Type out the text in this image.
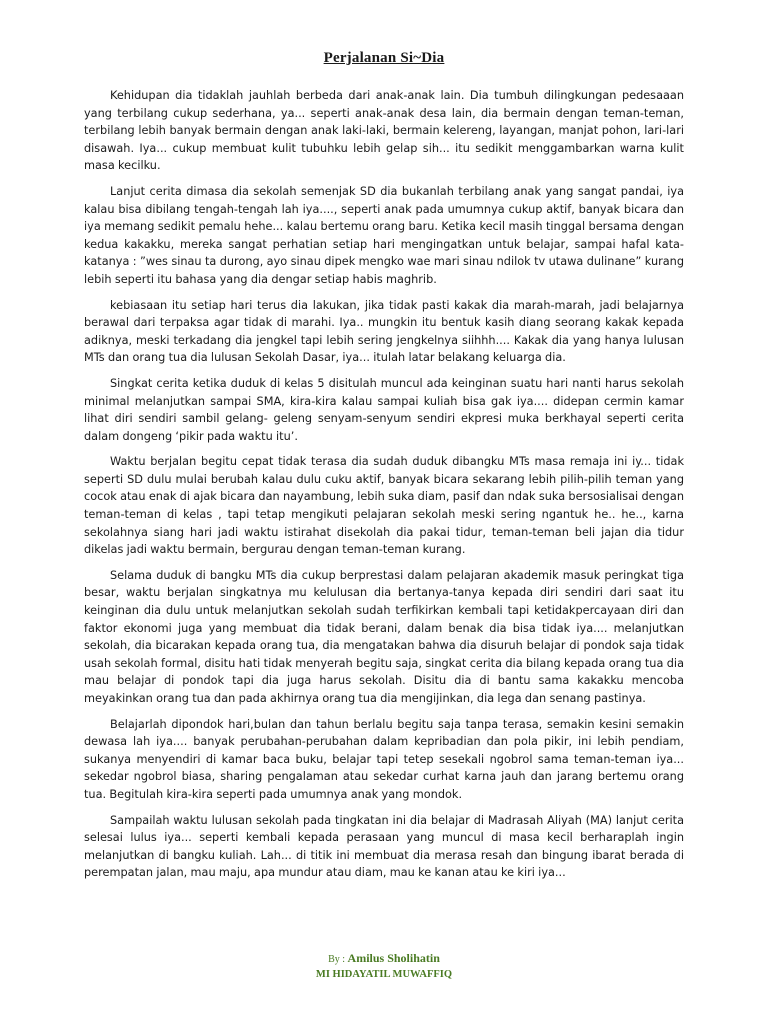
Perjalanan Si~Dia

Kehidupan dia tidaklah jauhlah berbeda dari anak-anak lain. Dia tumbuh dilingkungan pedesaaan yang terbilang cukup sederhana, ya... seperti anak-anak desa lain, dia bermain dengan teman-teman, terbilang lebih banyak bermain dengan anak laki-laki, bermain kelereng, layangan, manjat pohon, lari-lari disawah. Iya... cukup membuat kulit tubuhku lebih gelap sih... itu sedikit menggambarkan warna kulit masa kecilku.

Lanjut cerita dimasa dia sekolah semenjak SD dia bukanlah terbilang anak yang sangat pandai, iya kalau bisa dibilang tengah-tengah lah iya...., seperti anak pada umumnya cukup aktif, banyak bicara dan iya memang sedikit pemalu hehe... kalau bertemu orang baru. Ketika kecil masih tinggal bersama dengan kedua kakakku, mereka sangat perhatian setiap hari mengingatkan untuk belajar, sampai hafal kata-katanya : ”wes sinau ta durong, ayo sinau dipek mengko wae mari sinau ndilok tv utawa dulinane” kurang lebih seperti itu bahasa yang dia dengar setiap habis maghrib.

kebiasaan itu setiap hari terus dia lakukan, jika tidak pasti kakak dia marah-marah, jadi belajarnya berawal dari terpaksa agar tidak di marahi. Iya.. mungkin itu bentuk kasih diang seorang kakak kepada adiknya, meski terkadang dia jengkel tapi lebih sering jengkelnya siihhh.... Kakak dia yang hanya lulusan MTs dan orang tua dia lulusan Sekolah Dasar, iya... itulah latar belakang keluarga dia.

Singkat cerita ketika duduk di kelas 5 disitulah muncul ada keinginan suatu hari nanti harus sekolah minimal melanjutkan sampai SMA, kira-kira kalau sampai kuliah bisa gak iya.... didepan cermin kamar lihat diri sendiri sambil gelang- geleng senyam-senyum sendiri ekpresi muka berkhayal seperti cerita dalam dongeng ‘pikir pada waktu itu’.

Waktu berjalan begitu cepat tidak terasa dia sudah duduk dibangku MTs masa remaja ini iy... tidak seperti SD dulu mulai berubah kalau dulu cuku aktif, banyak bicara sekarang lebih pilih-pilih teman yang cocok atau enak di ajak bicara dan nayambung, lebih suka diam, pasif dan ndak suka bersosialisai dengan teman-teman di kelas , tapi tetap mengikuti pelajaran sekolah meski sering ngantuk he.. he.., karna sekolahnya siang hari jadi waktu istirahat disekolah dia pakai tidur, teman-teman beli jajan dia tidur dikelas jadi waktu bermain, bergurau dengan teman-teman kurang.

Selama duduk di bangku MTs dia cukup berprestasi dalam pelajaran akademik masuk peringkat tiga besar, waktu berjalan singkatnya mu kelulusan dia bertanya-tanya kepada diri sendiri dari saat itu keinginan dia dulu untuk melanjutkan sekolah sudah terfikirkan kembali tapi ketidakpercayaan diri dan faktor ekonomi juga yang membuat dia tidak berani, dalam benak dia bisa tidak iya.... melanjutkan sekolah, dia bicarakan kepada orang tua, dia mengatakan bahwa dia disuruh belajar di pondok saja tidak usah sekolah formal, disitu hati tidak menyerah begitu saja, singkat cerita dia bilang kepada orang tua dia mau belajar di pondok tapi dia juga harus sekolah. Disitu dia di bantu sama kakakku mencoba meyakinkan orang tua dan pada akhirnya orang tua dia mengijinkan, dia lega dan senang pastinya.

Belajarlah dipondok hari,bulan dan tahun berlalu begitu saja tanpa terasa, semakin kesini semakin dewasa lah iya.... banyak perubahan-perubahan dalam kepribadian dan pola pikir, ini lebih pendiam, sukanya menyendiri di kamar baca buku, belajar tapi tetep sesekali ngobrol sama teman-teman iya... sekedar ngobrol biasa, sharing pengalaman atau sekedar curhat karna jauh dan jarang bertemu orang tua. Begitulah kira-kira seperti pada umumnya anak yang mondok.

Sampailah waktu lulusan sekolah pada tingkatan ini dia belajar di Madrasah Aliyah (MA) lanjut cerita selesai lulus iya... seperti kembali kepada perasaan yang muncul di masa kecil berharaplah ingin melanjutkan di bangku kuliah. Lah... di titik ini membuat dia merasa resah dan bingung ibarat berada di perempatan jalan, mau maju, apa mundur atau diam, mau ke kanan atau ke kiri iya...

By : Amilus Sholihatin
MI HIDAYATIL MUWAFFIQ
